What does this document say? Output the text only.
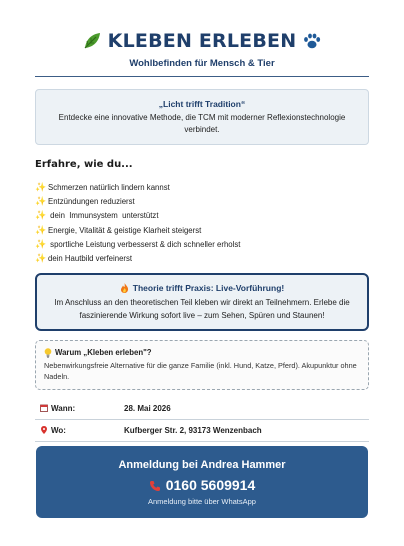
KLEBEN ERLEBEN
Wohlbefinden für Mensch & Tier
„Licht trifft Tradition“
Entdecke eine innovative Methode, die TCM mit moderner Reflexionstechnologie verbindet.
Erfahre, wie du...
✨ Schmerzen natürlich lindern kannst
✨ Entzündungen reduzierst
✨ dein  Immunsystem  unterstützt
✨ Energie, Vitalität & geistige Klarheit steigerst
✨ sportliche Leistung verbesserst & dich schneller erholst
✨ dein Hautbild verfeinerst
Theorie trifft Praxis: Live-Vorführung!
Im Anschluss an den theoretischen Teil kleben wir direkt an Teilnehmern. Erlebe die faszinierende Wirkung sofort live – zum Sehen, Spüren und Staunen!
Warum „Kleben erleben"?
Nebenwirkungsfreie Alternative für die ganze Familie (inkl. Hund, Katze, Pferd). Akupunktur ohne Nadeln.
Wann:	28. Mai 2026
Wo:	Kufberger Str. 2, 93173 Wenzenbach
Anmeldung bei Andrea Hammer
0160 5609914
Anmeldung bitte über WhatsApp
